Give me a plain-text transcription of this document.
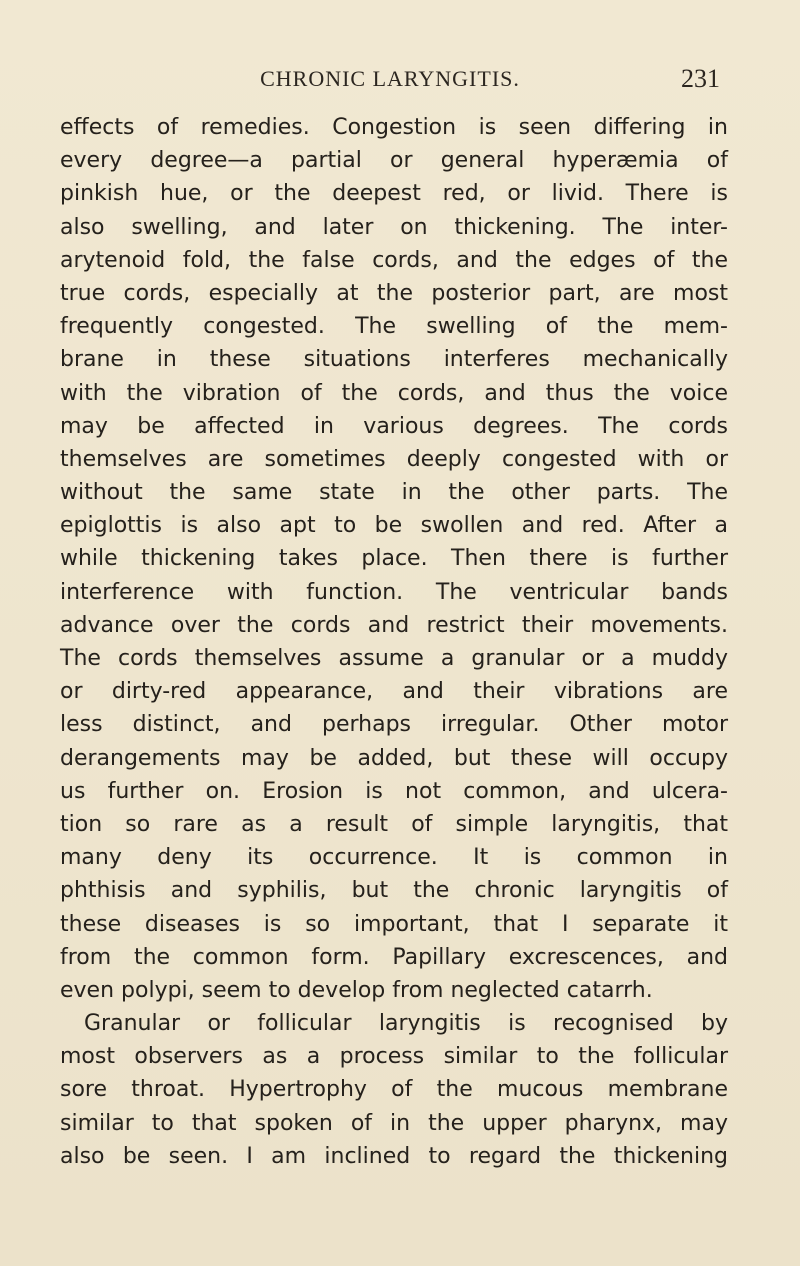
CHRONIC LARYNGITIS.	231
effects of remedies. Congestion is seen differing in
every degree—a partial or general hyperæmia of
pinkish hue, or the deepest red, or livid. There is
also swelling, and later on thickening. The inter-
arytenoid fold, the false cords, and the edges of the
true cords, especially at the posterior part, are most
frequently congested. The swelling of the mem-
brane in these situations interferes mechanically
with the vibration of the cords, and thus the voice
may be affected in various degrees. The cords
themselves are sometimes deeply congested with or
without the same state in the other parts. The
epiglottis is also apt to be swollen and red. After a
while thickening takes place. Then there is further
interference with function. The ventricular bands
advance over the cords and restrict their movements.
The cords themselves assume a granular or a muddy
or dirty-red appearance, and their vibrations are
less distinct, and perhaps irregular. Other motor
derangements may be added, but these will occupy
us further on. Erosion is not common, and ulcera-
tion so rare as a result of simple laryngitis, that
many deny its occurrence. It is common in
phthisis and syphilis, but the chronic laryngitis of
these diseases is so important, that I separate it
from the common form. Papillary excrescences, and
even polypi, seem to develop from neglected catarrh.
Granular or follicular laryngitis is recognised by
most observers as a process similar to the follicular
sore throat. Hypertrophy of the mucous membrane
similar to that spoken of in the upper pharynx, may
also be seen. I am inclined to regard the thickening
